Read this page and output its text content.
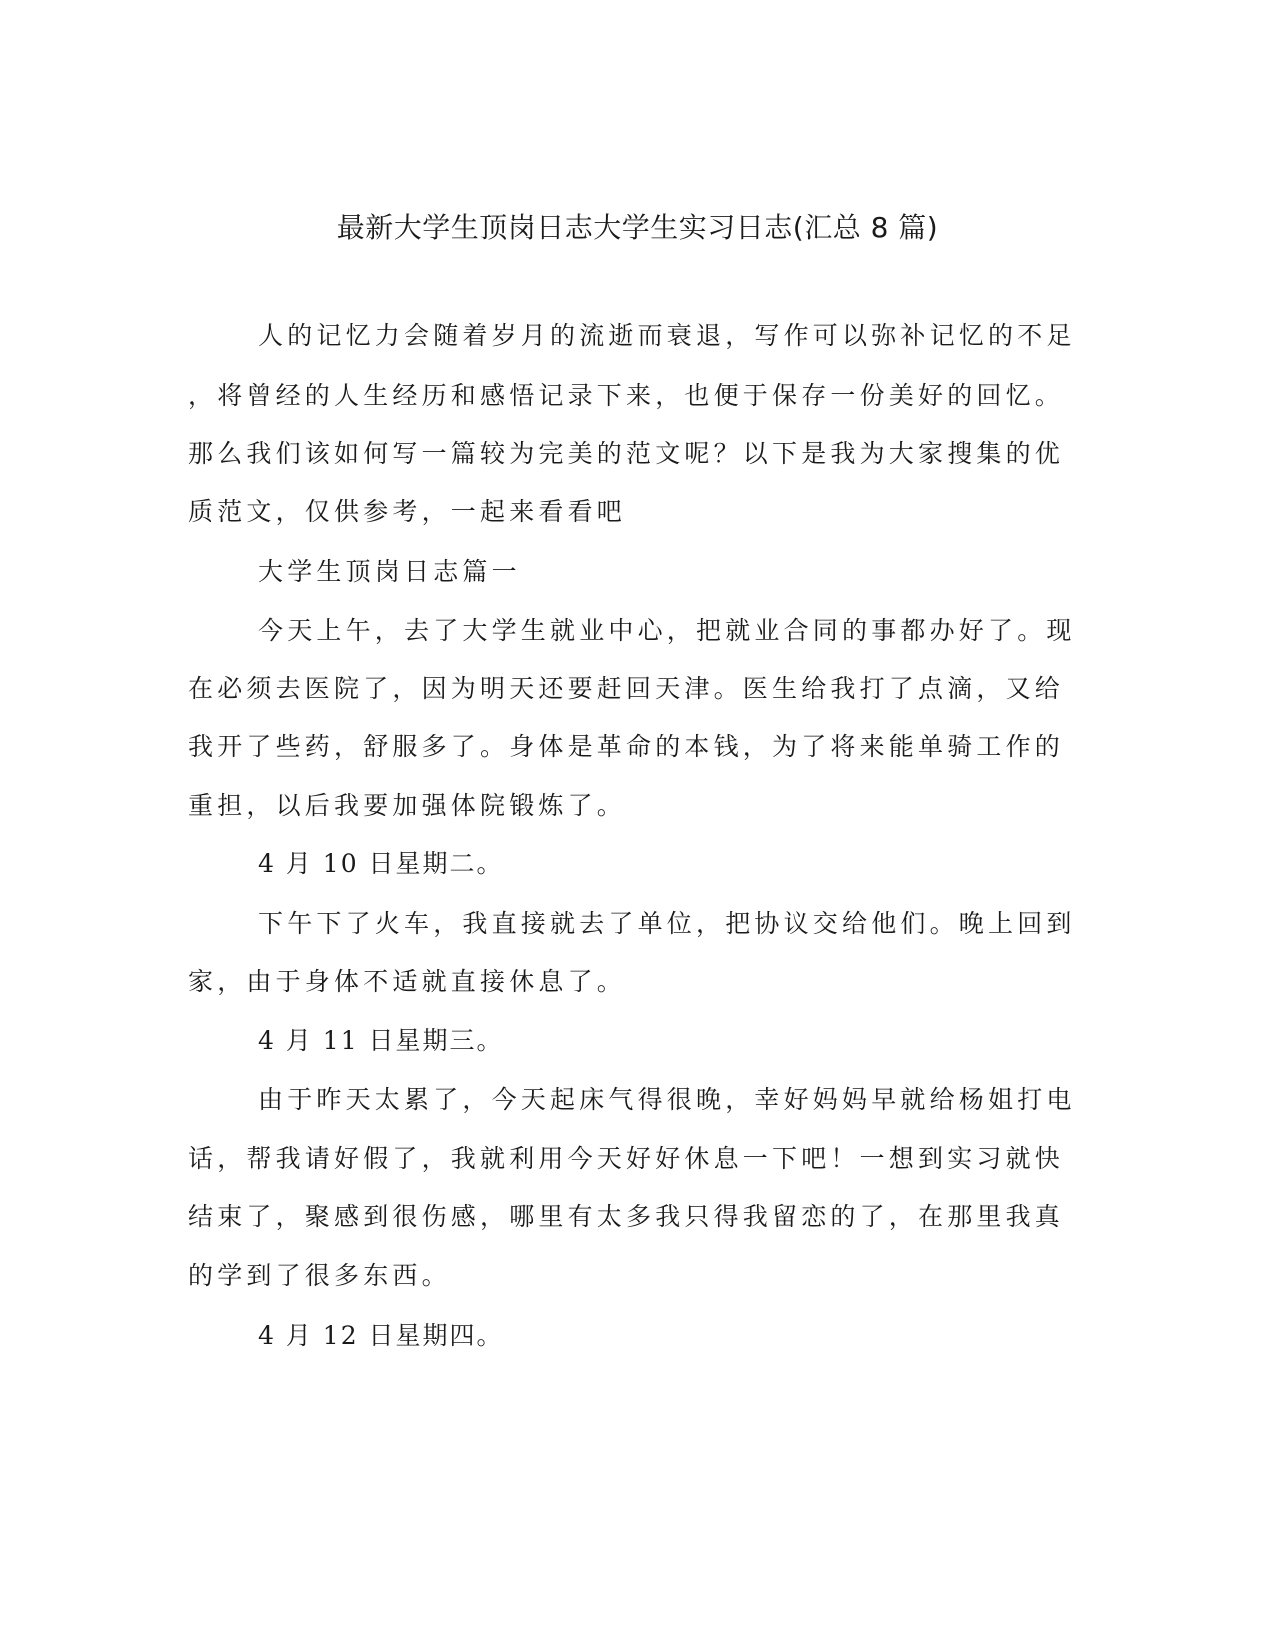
最新大学生顶岗日志大学生实习日志(汇总 8 篇)
人的记忆力会随着岁月的流逝而衰退，写作可以弥补记忆的不足
，将曾经的人生经历和感悟记录下来，也便于保存一份美好的回忆。
那么我们该如何写一篇较为完美的范文呢？以下是我为大家搜集的优
质范文，仅供参考，一起来看看吧
大学生顶岗日志篇一
今天上午，去了大学生就业中心，把就业合同的事都办好了。现
在必须去医院了，因为明天还要赶回天津。医生给我打了点滴，又给
我开了些药，舒服多了。身体是革命的本钱，为了将来能单骑工作的
重担，以后我要加强体院锻炼了。
4 月 10 日星期二。
下午下了火车，我直接就去了单位，把协议交给他们。晚上回到
家，由于身体不适就直接休息了。
4 月 11 日星期三。
由于昨天太累了，今天起床气得很晚，幸好妈妈早就给杨姐打电
话，帮我请好假了，我就利用今天好好休息一下吧！一想到实习就快
结束了，聚感到很伤感，哪里有太多我只得我留恋的了，在那里我真
的学到了很多东西。
4 月 12 日星期四。
